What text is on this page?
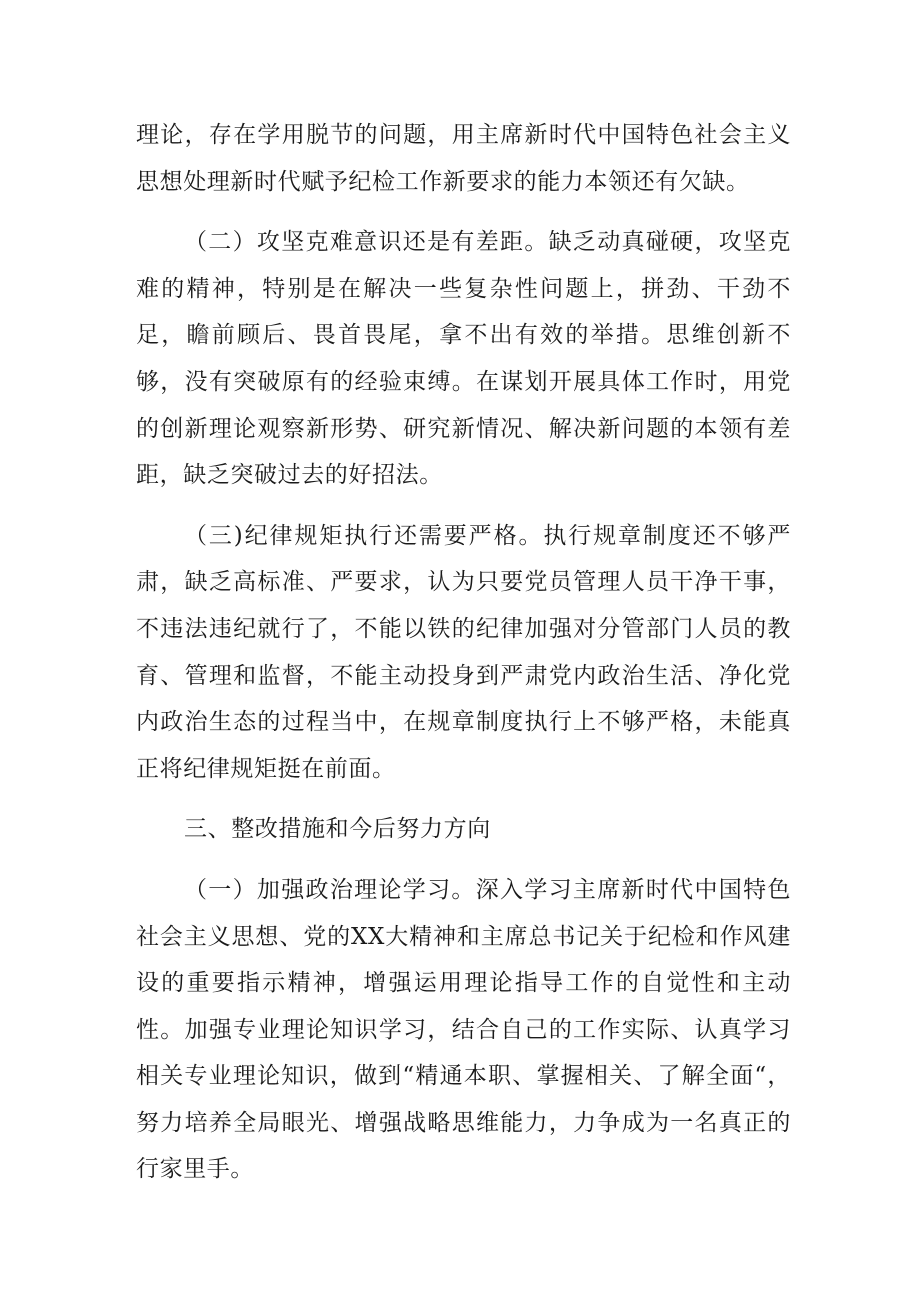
理论，存在学用脱节的问题，用主席新时代中国特色社会主义思想处理新时代赋予纪检工作新要求的能力本领还有欠缺。

（二）攻坚克难意识还是有差距。缺乏动真碰硬，攻坚克难的精神，特别是在解决一些复杂性问题上，拼劲、干劲不足，瞻前顾后、畏首畏尾，拿不出有效的举措。思维创新不够，没有突破原有的经验束缚。在谋划开展具体工作时，用党的创新理论观察新形势、研究新情况、解决新问题的本领有差距，缺乏突破过去的好招法。

（三)纪律规矩执行还需要严格。执行规章制度还不够严肃，缺乏高标准、严要求，认为只要党员管理人员干净干事，不违法违纪就行了，不能以铁的纪律加强对分管部门人员的教育、管理和监督，不能主动投身到严肃党内政治生活、净化党内政治生态的过程当中，在规章制度执行上不够严格，未能真正将纪律规矩挺在前面。

三、整改措施和今后努力方向

（一）加强政治理论学习。深入学习主席新时代中国特色社会主义思想、党的XX大精神和主席总书记关于纪检和作风建设的重要指示精神，增强运用理论指导工作的自觉性和主动性。加强专业理论知识学习，结合自己的工作实际、认真学习相关专业理论知识，做到“精通本职、掌握相关、了解全面“，努力培养全局眼光、增强战略思维能力，力争成为一名真正的行家里手。
